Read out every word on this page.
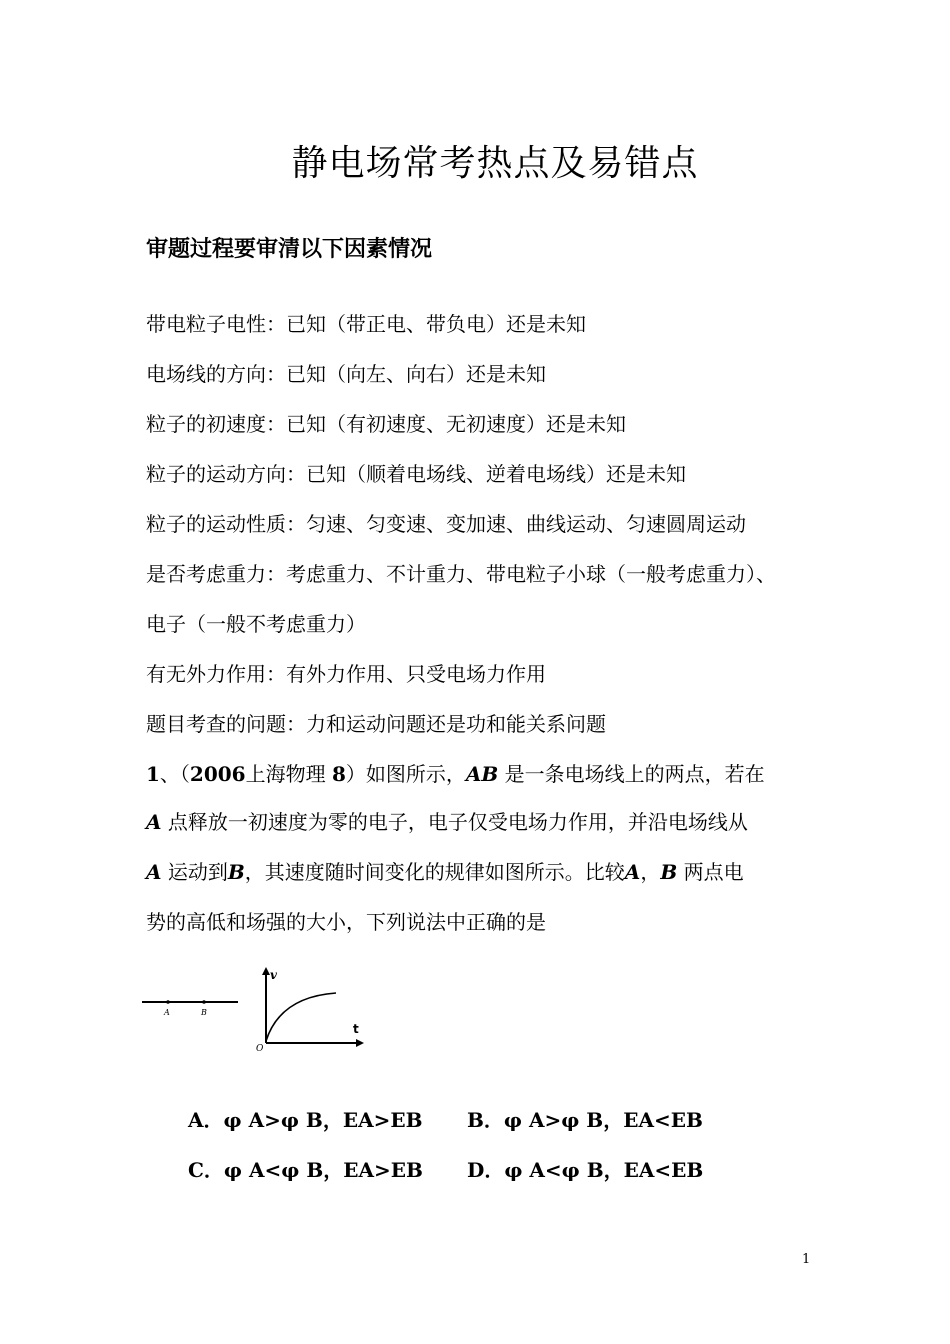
静电场常考热点及易错点
审题过程要审清以下因素情况
带电粒子电性：已知（带正电、带负电）还是未知
电场线的方向：已知（向左、向右）还是未知
粒子的初速度：已知（有初速度、无初速度）还是未知
粒子的运动方向：已知（顺着电场线、逆着电场线）还是未知
粒子的运动性质：匀速、匀变速、变加速、曲线运动、匀速圆周运动
是否考虑重力：考虑重力、不计重力、带电粒子小球（一般考虑重力）、
电子（一般不考虑重力）
有无外力作用：有外力作用、只受电场力作用
题目考查的问题：力和运动问题还是功和能关系问题
1、（2006上海物理 8）如图所示，AB 是一条电场线上的两点，若在
A 点释放一初速度为零的电子，电子仅受电场力作用，并沿电场线从
A 运动到B，其速度随时间变化的规律如图所示。比较A，B 两点电
势的高低和场强的大小，下列说法中正确的是
A	B
v
t
O
A．φ A>φ B，EA>EB B．φ A>φ B，EA<EB
C．φ A<φ B，EA>EB D．φ A<φ B，EA<EB
1
